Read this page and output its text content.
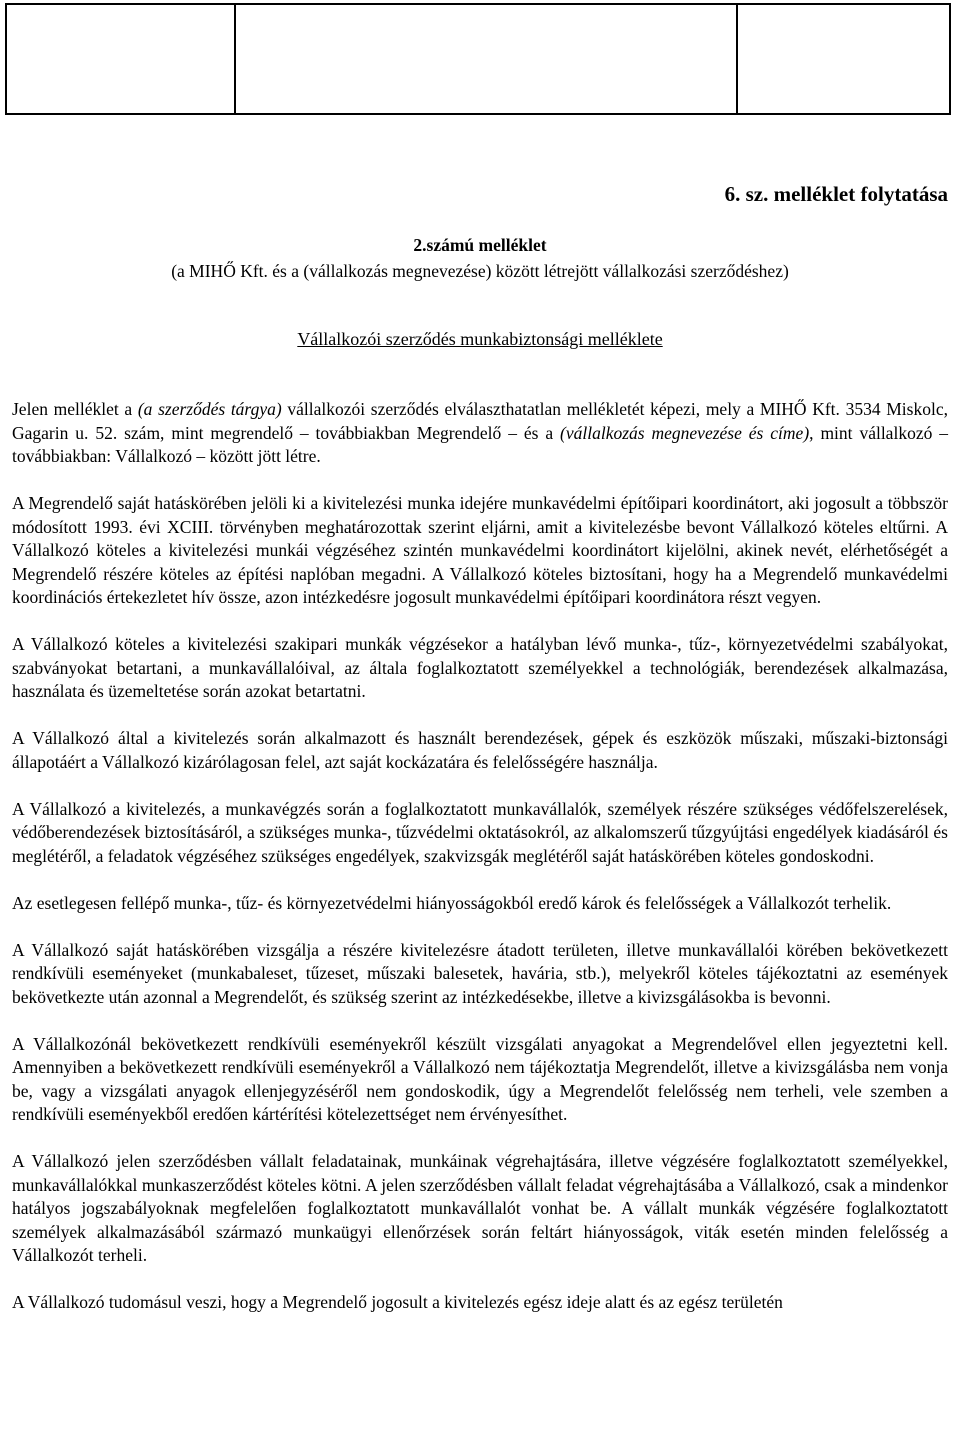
MIHŐ Miskolci
Hőszolgáltató Kft.

ME-7.4.2
Árajánlatkérés, szerződésminták,
vállalkozók értékelése

Kiadás: 1.
Módosítás: 4.
Oldalak száma
28/38
6. sz. melléklet folytatása
2.számú melléklet
(a MIHŐ Kft. és a (vállalkozás megnevezése) között létrejött vállalkozási szerződéshez)
Vállalkozói szerződés munkabiztonsági melléklete

Jelen melléklet a (a szerződés tárgya) vállalkozói szerződés elválaszthatatlan mellékletét képezi, mely a MIHŐ Kft. 3534 Miskolc, Gagarin u. 52. szám, mint megrendelő – továbbiakban Megrendelő – és a (vállalkozás megnevezése és címe), mint vállalkozó – továbbiakban: Vállalkozó – között jött létre.

A Megrendelő saját hatáskörében jelöli ki a kivitelezési munka idejére munkavédelmi építőipari koordinátort, aki jogosult a többször módosított 1993. évi XCIII. törvényben meghatározottak szerint eljárni, amit a kivitelezésbe bevont Vállalkozó köteles eltűrni. A Vállalkozó köteles a kivitelezési munkái végzéséhez szintén munkavédelmi koordinátort kijelölni, akinek nevét, elérhetőségét a Megrendelő részére köteles az építési naplóban megadni. A Vállalkozó köteles biztosítani, hogy ha a Megrendelő munkavédelmi koordinációs értekezletet hív össze, azon intézkedésre jogosult munkavédelmi építőipari koordinátora részt vegyen.

A Vállalkozó köteles a kivitelezési szakipari munkák végzésekor a hatályban lévő munka-, tűz-, környezetvédelmi szabályokat, szabványokat betartani, a munkavállalóival, az általa foglalkoztatott személyekkel a technológiák, berendezések alkalmazása, használata és üzemeltetése során azokat betartatni.

A Vállalkozó által a kivitelezés során alkalmazott és használt berendezések, gépek és eszközök műszaki, műszaki-biztonsági állapotáért a Vállalkozó kizárólagosan felel, azt saját kockázatára és felelősségére használja.

A Vállalkozó a kivitelezés, a munkavégzés során a foglalkoztatott munkavállalók, személyek részére szükséges védőfelszerelések, védőberendezések biztosításáról, a szükséges munka-, tűzvédelmi oktatásokról, az alkalomszerű tűzgyújtási engedélyek kiadásáról és meglétéről, a feladatok végzéséhez szükséges engedélyek, szakvizsgák meglétéről saját hatáskörében köteles gondoskodni.

Az esetlegesen fellépő munka-, tűz- és környezetvédelmi hiányosságokból eredő károk és felelősségek a Vállalkozót terhelik.

A Vállalkozó saját hatáskörében vizsgálja a részére kivitelezésre átadott területen, illetve munkavállalói körében bekövetkezett rendkívüli eseményeket (munkabaleset, tűzeset, műszaki balesetek, havária, stb.), melyekről köteles tájékoztatni az események bekövetkezte után azonnal a Megrendelőt, és szükség szerint az intézkedésekbe, illetve a kivizsgálásokba is bevonni.

A Vállalkozónál bekövetkezett rendkívüli eseményekről készült vizsgálati anyagokat a Megrendelővel ellen jegyeztetni kell. Amennyiben a bekövetkezett rendkívüli eseményekről a Vállalkozó nem tájékoztatja Megrendelőt, illetve a kivizsgálásba nem vonja be, vagy a vizsgálati anyagok ellenjegyzéséről nem gondoskodik, úgy a Megrendelőt felelősség nem terheli, vele szemben a rendkívüli eseményekből eredően kártérítési kötelezettséget nem érvényesíthet.

A Vállalkozó jelen szerződésben vállalt feladatainak, munkáinak végrehajtására, illetve végzésére foglalkoztatott személyekkel, munkavállalókkal munkaszerződést köteles kötni. A jelen szerződésben vállalt feladat végrehajtásába a Vállalkozó, csak a mindenkor hatályos jogszabályoknak megfelelően foglalkoztatott munkavállalót vonhat be. A vállalt munkák végzésére foglalkoztatott személyek alkalmazásából származó munkaügyi ellenőrzések során feltárt hiányosságok, viták esetén minden felelősség a Vállalkozót terheli.

A Vállalkozó tudomásul veszi, hogy a Megrendelő jogosult a kivitelezés egész ideje alatt és az egész területén
